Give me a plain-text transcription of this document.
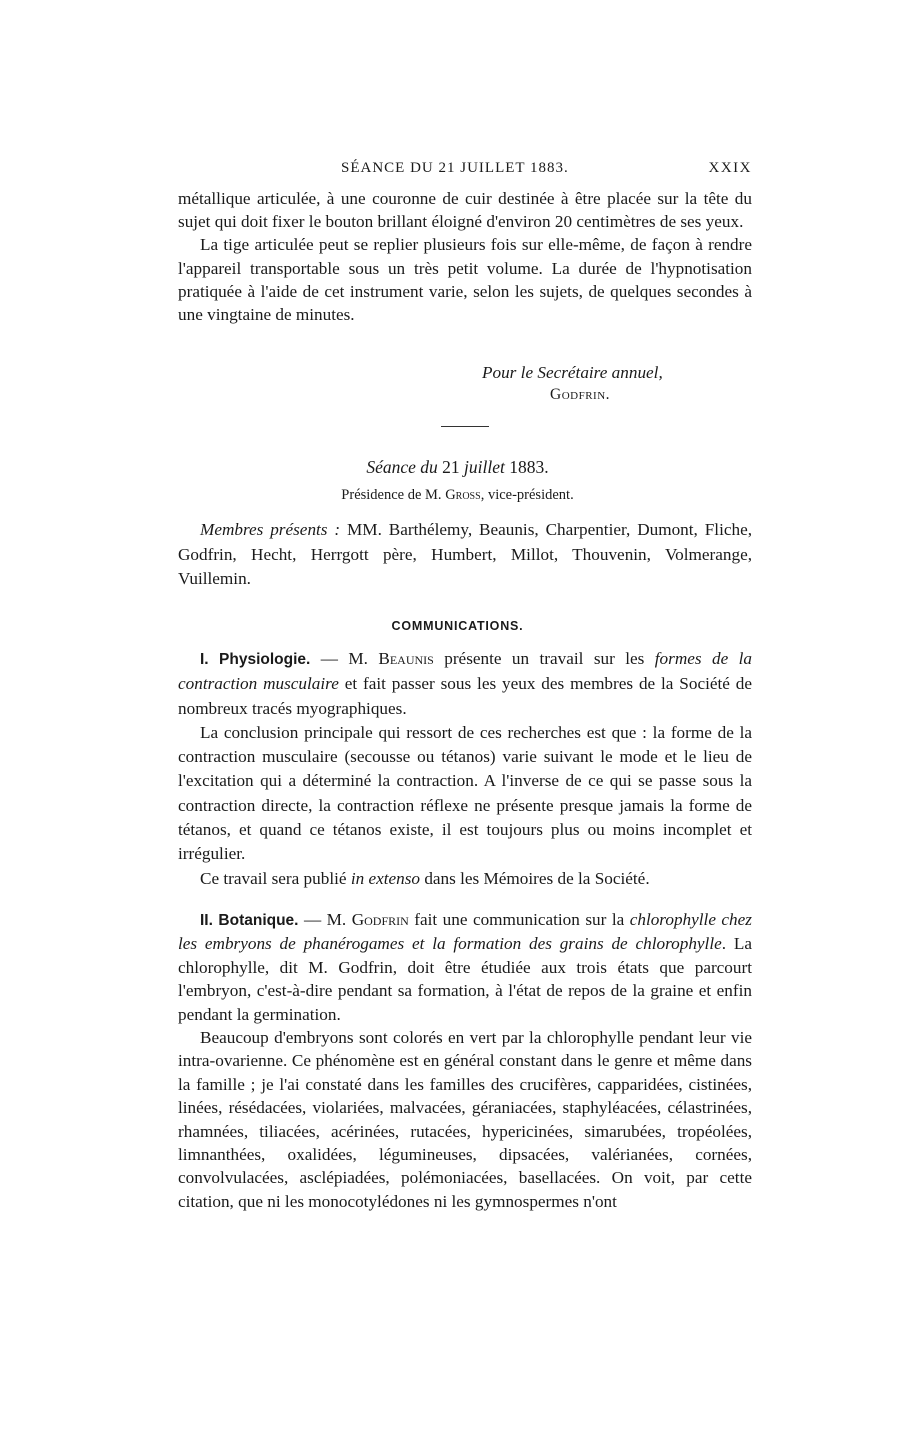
SÉANCE DU 21 JUILLET 1883.	XXIX
métallique articulée, à une couronne de cuir destinée à être placée sur la tête du sujet qui doit fixer le bouton brillant éloigné d'environ 20 centimètres de ses yeux.
La tige articulée peut se replier plusieurs fois sur elle-même, de façon à rendre l'appareil transportable sous un très petit volume. La durée de l'hypnotisation pratiquée à l'aide de cet instrument varie, selon les sujets, de quelques secondes à une vingtaine de minutes.
Pour le Secrétaire annuel,
Godfrin.
Séance du 21 juillet 1883.
Présidence de M. Gross, vice-président.
Membres présents : MM. Barthélemy, Beaunis, Charpentier, Dumont, Fliche, Godfrin, Hecht, Herrgott père, Humbert, Millot, Thouvenin, Volmerange, Vuillemin.
COMMUNICATIONS.
I. Physiologie. — M. Beaunis présente un travail sur les formes de la contraction musculaire et fait passer sous les yeux des membres de la Société de nombreux tracés myographiques.
La conclusion principale qui ressort de ces recherches est que : la forme de la contraction musculaire (secousse ou tétanos) varie suivant le mode et le lieu de l'excitation qui a déterminé la contraction. A l'inverse de ce qui se passe sous la contraction directe, la contraction réflexe ne présente presque jamais la forme de tétanos, et quand ce tétanos existe, il est toujours plus ou moins incomplet et irrégulier.
Ce travail sera publié in extenso dans les Mémoires de la Société.
II. Botanique. — M. Godfrin fait une communication sur la chlorophylle chez les embryons de phanérogames et la formation des grains de chlorophylle. La chlorophylle, dit M. Godfrin, doit être étudiée aux trois états que parcourt l'embryon, c'est-à-dire pendant sa formation, à l'état de repos de la graine et enfin pendant la germination.
Beaucoup d'embryons sont colorés en vert par la chlorophylle pendant leur vie intra-ovarienne. Ce phénomène est en général constant dans le genre et même dans la famille ; je l'ai constaté dans les familles des crucifères, capparidées, cistinées, linées, résédacées, violariées, malvacées, géraniacées, staphyléacées, célastrinées, rhamnées, tiliacées, acérinées, rutacées, hypericinées, simarubées, tropéolées, limnanthées, oxalidées, légumineuses, dipsacées, valérianées, cornées, convolvulacées, asclépiadées, polémoniacées, basellacées. On voit, par cette citation, que ni les monocotylédones ni les gymnospermes n'ont
